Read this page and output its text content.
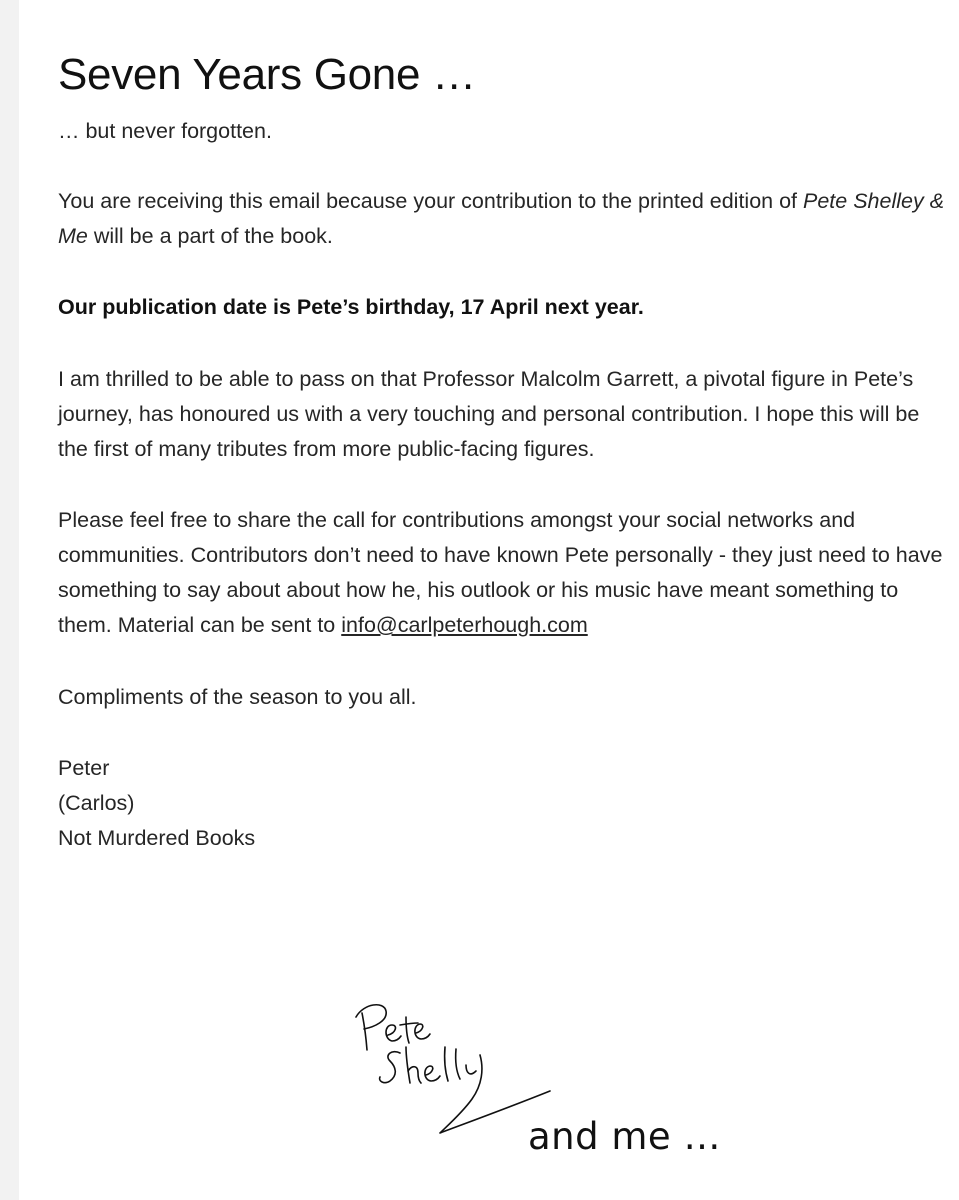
Seven Years Gone …

… but never forgotten.

You are receiving this email because your contribution to the printed edition of Pete Shelley & Me will be a part of the book.

Our publication date is Pete’s birthday, 17 April next year.

I am thrilled to be able to pass on that Professor Malcolm Garrett, a pivotal figure in Pete’s journey, has honoured us with a very touching and personal contribution. I hope this will be the first of many tributes from more public-facing figures.

Please feel free to share the call for contributions amongst your social networks and communities. Contributors don’t need to have known Pete personally - they just need to have something to say about about how he, his outlook or his music have meant something to them. Material can be sent to info@carlpeterhough.com

Compliments of the season to you all.

Peter
(Carlos)
Not Murdered Books
and me …
